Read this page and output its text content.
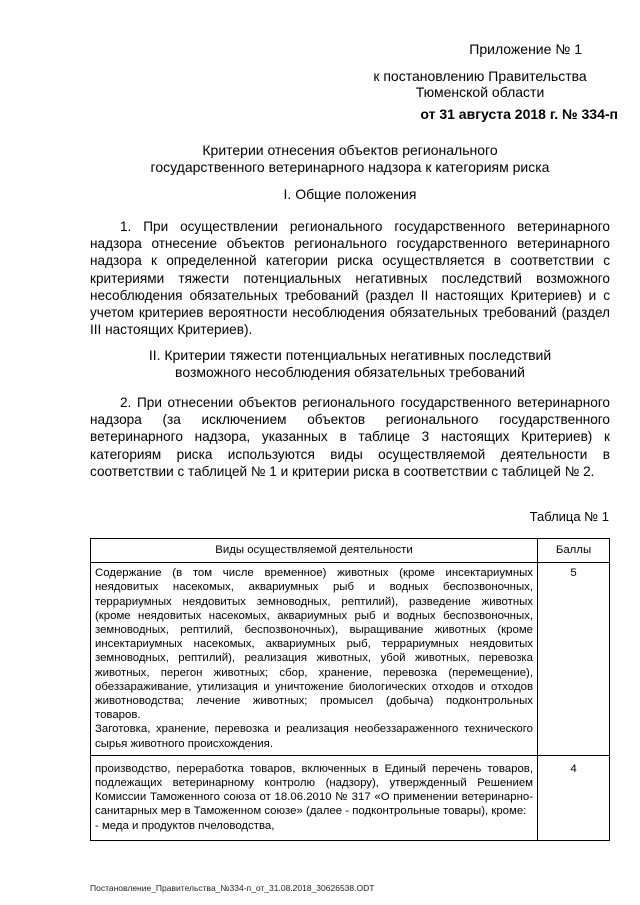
Приложение № 1
к постановлению Правительства
Тюменской области
от 31 августа 2018 г. № 334-п
Критерии отнесения объектов регионального
государственного ветеринарного надзора к категориям риска
I. Общие положения
1. При осуществлении регионального государственного ветеринарного надзора отнесение объектов регионального государственного ветеринарного надзора к определенной категории риска осуществляется в соответствии с критериями тяжести потенциальных негативных последствий возможного несоблюдения обязательных требований (раздел II настоящих Критериев) и с учетом критериев вероятности несоблюдения обязательных требований (раздел III настоящих Критериев).
II. Критерии тяжести потенциальных негативных последствий
возможного несоблюдения обязательных требований
2. При отнесении объектов регионального государственного ветеринарного надзора (за исключением объектов регионального государственного ветеринарного надзора, указанных в таблице 3 настоящих Критериев) к категориям риска используются виды осуществляемой деятельности в соответствии с таблицей № 1 и критерии риска в соответствии с таблицей № 2.
Таблица № 1
Виды осуществляемой деятельности	Баллы

Содержание (в том числе временное) животных (кроме инсектариумных неядовитых насекомых, аквариумных рыб и водных беспозвоночных, террариумных неядовитых земноводных, рептилий), разведение животных (кроме неядовитых насекомых, аквариумных рыб и водных беспозвоночных, земноводных, рептилий, беспозвоночных), выращивание животных (кроме инсектариумных насекомых, аквариумных рыб, террариумных неядовитых земноводных, рептилий), реализация животных, убой животных, перевозка животных, перегон животных; сбор, хранение, перевозка (перемещение), обеззараживание, утилизация и уничтожение биологических отходов и отходов животноводства; лечение животных; промысел (добыча) подконтрольных товаров.
Заготовка, хранение, перевозка и реализация необеззараженного технического сырья животного происхождения.	5

производство, переработка товаров, включенных в Единый перечень товаров, подлежащих ветеринарному контролю (надзору), утвержденный Решением Комиссии Таможенного союза от 18.06.2010 № 317 «О применении ветеринарно-санитарных мер в Таможенном союзе» (далее - подконтрольные товары), кроме:
- меда и продуктов пчеловодства,	4
Постановление_Правительства_№334-п_от_31.08.2018_30626538.ODT
